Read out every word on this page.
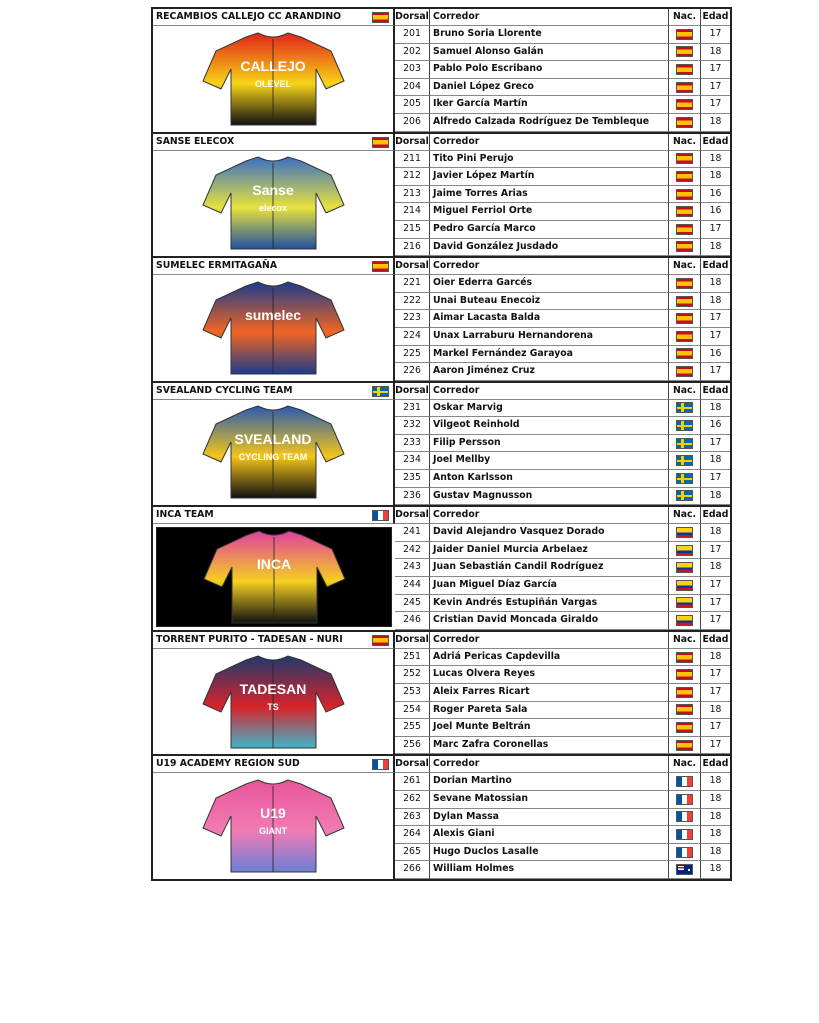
RECAMBIOS CALLEJO CC ARANDINO	Dorsal Corredor	Nac. Edad
CALLEJO
OLEVEL
201	Bruno Soria Llorente	17
202	Samuel Alonso Galán	18
203	Pablo Polo Escribano	17
204	Daniel López Greco	17
205	Iker García Martín	17
206	Alfredo Calzada Rodríguez De Tembleque	18
SANSE ELECOX	Dorsal Corredor	Nac. Edad
Sanse
elecox
211	Tito Pini Perujo	18
212	Javier López Martín	18
213	Jaime Torres Arias	16
214	Miguel Ferriol Orte	16
215	Pedro García Marco	17
216	David González Jusdado	18
SUMELEC ERMITAGAÑA	Dorsal Corredor	Nac. Edad
sumelec
221	Oier Ederra Garcés	18
222	Unai Buteau Enecoiz	18
223	Aimar Lacasta Balda	17
224	Unax Larraburu Hernandorena	17
225	Markel Fernández Garayoa	16
226	Aaron Jiménez Cruz	17
SVEALAND CYCLING TEAM	Dorsal Corredor	Nac. Edad
SVEALAND
CYCLING TEAM
231	Oskar Marvig	18
232	Vilgeot Reinhold	16
233	Filip Persson	17
234	Joel Mellby	18
235	Anton Karlsson	17
236	Gustav Magnusson	18
INCA TEAM	Dorsal Corredor	Nac. Edad
INCA
241	David Alejandro Vasquez Dorado	18
242	Jaider Daniel Murcia Arbelaez	17
243	Juan Sebastián Candil Rodríguez	18
244	Juan Miguel Díaz García	17
245	Kevin Andrés Estupiñán Vargas	17
246	Cristian David Moncada Giraldo	17
TORRENT PURITO - TADESAN - NURI	Dorsal Corredor	Nac. Edad
TADESAN
TS
251	Adriá Pericas Capdevilla	18
252	Lucas Olvera Reyes	17
253	Aleix Farres Ricart	17
254	Roger Pareta Sala	18
255	Joel Munte Beltrán	17
256	Marc Zafra Coronellas	17
U19 ACADEMY REGION SUD	Dorsal Corredor	Nac. Edad
U19
GIANT
261	Dorian Martino	18
262	Sevane Matossian	18
263	Dylan Massa	18
264	Alexis Giani	18
265	Hugo Duclos Lasalle	18
266	William Holmes	18
